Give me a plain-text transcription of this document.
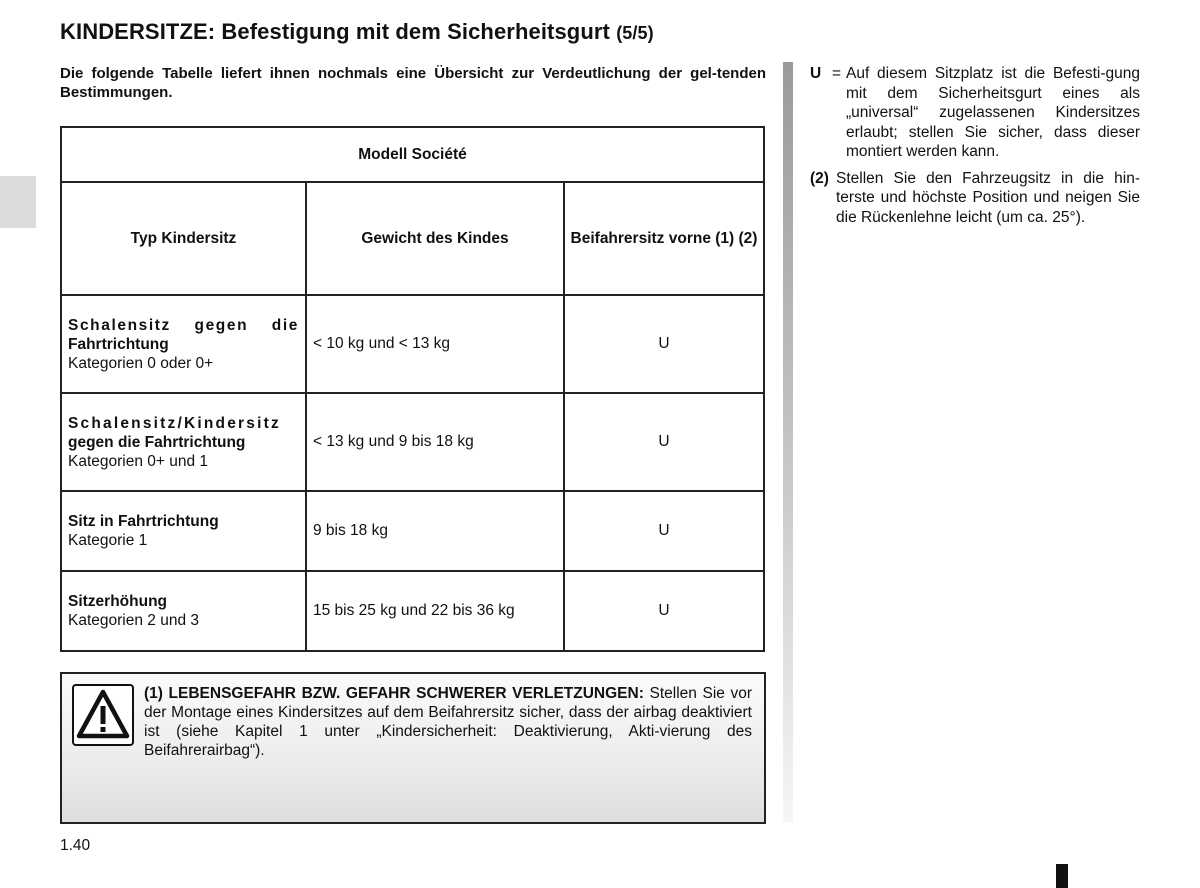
KINDERSITZE: Befestigung mit dem Sicherheitsgurt (5/5)
Die folgende Tabelle liefert ihnen nochmals eine Übersicht zur Verdeutlichung der gel-tenden Bestimmungen.
Modell Société		
Typ Kindersitz	Gewicht des Kindes	Beifahrersitz vorne (1) (2)

Schalensitz gegen die
Fahrtrichtung
Kategorien 0 oder 0+	< 10 kg und < 13 kg	U

Schalensitz/Kindersitz
gegen die Fahrtrichtung
Kategorien 0+ und 1	< 13 kg und 9 bis 18 kg	U

Sitz in Fahrtrichtung
Kategorie 1	9 bis 18 kg	U

Sitzerhöhung
Kategorien 2 und 3	15 bis 25 kg und 22 bis 36 kg	U
(1) LEBENSGEFAHR BZW. GEFAHR SCHWERER VERLETZUNGEN: Stellen Sie vor der Montage eines Kindersitzes auf dem Beifahrersitz sicher, dass der airbag deaktiviert ist (siehe Kapitel 1 unter „Kindersicherheit: Deaktivierung, Akti-vierung des Beifahrerairbag“).
U = Auf diesem Sitzplatz ist die Befesti-gung mit dem Sicherheitsgurt eines als „universal“ zugelassenen Kindersitzes erlaubt; stellen Sie sicher, dass dieser montiert werden kann.
(2) Stellen Sie den Fahrzeugsitz in die hin-terste und höchste Position und neigen Sie die Rückenlehne leicht (um ca. 25°).
1.40
